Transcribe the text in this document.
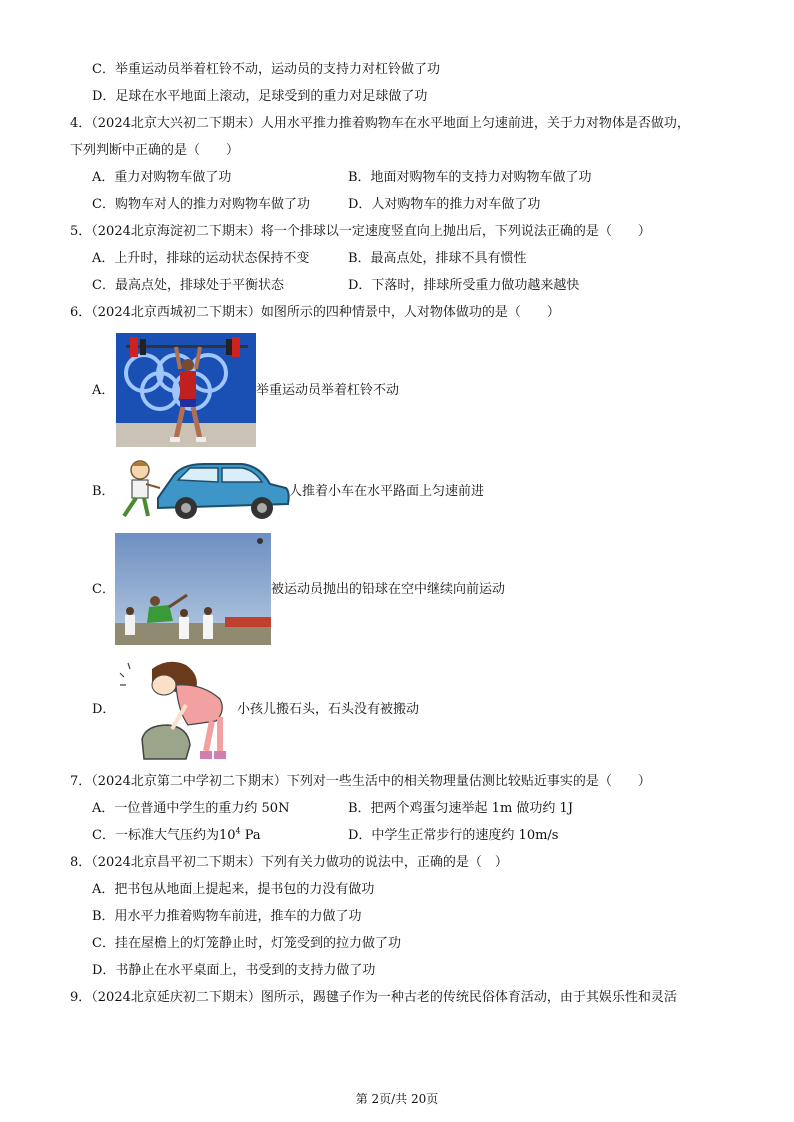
C．举重运动员举着杠铃不动，运动员的支持力对杠铃做了功
D．足球在水平地面上滚动，足球受到的重力对足球做了功
4．（2024北京大兴初二下期末）人用水平推力推着购物车在水平地面上匀速前进，关于力对物体是否做功，
下列判断中正确的是（　　）
A．重力对购物车做了功	B．地面对购物车的支持力对购物车做了功
C．购物车对人的推力对购物车做了功	D．人对购物车的推力对车做了功
5．（2024北京海淀初二下期末）将一个排球以一定速度竖直向上抛出后，下列说法正确的是（　　）
A．上升时，排球的运动状态保持不变	B．最高点处，排球不具有惯性
C．最高点处，排球处于平衡状态	D．下落时，排球所受重力做功越来越快
6．（2024北京西城初二下期末）如图所示的四种情景中，人对物体做功的是（　　）
A．	举重运动员举着杠铃不动
B．	人推着小车在水平路面上匀速前进
C．	被运动员抛出的铅球在空中继续向前运动
D．	小孩儿搬石头，石头没有被搬动
7．（2024北京第二中学初二下期末）下列对一些生活中的相关物理量估测比较贴近事实的是（　　）
A．一位普通中学生的重力约 50N	B．把两个鸡蛋匀速举起 1m 做功约 1J
C．一标准大气压约为$10^4$ Pa	D．中学生正常步行的速度约 10m/s
8．（2024北京昌平初二下期末）下列有关力做功的说法中，正确的是（　）
A．把书包从地面上提起来，提书包的力没有做功
B．用水平力推着购物车前进，推车的力做了功
C．挂在屋檐上的灯笼静止时，灯笼受到的拉力做了功
D．书静止在水平桌面上，书受到的支持力做了功
9．（2024北京延庆初二下期末）图所示，踢毽子作为一种古老的传统民俗体育活动，由于其娱乐性和灵活
第 2页/共 20页
